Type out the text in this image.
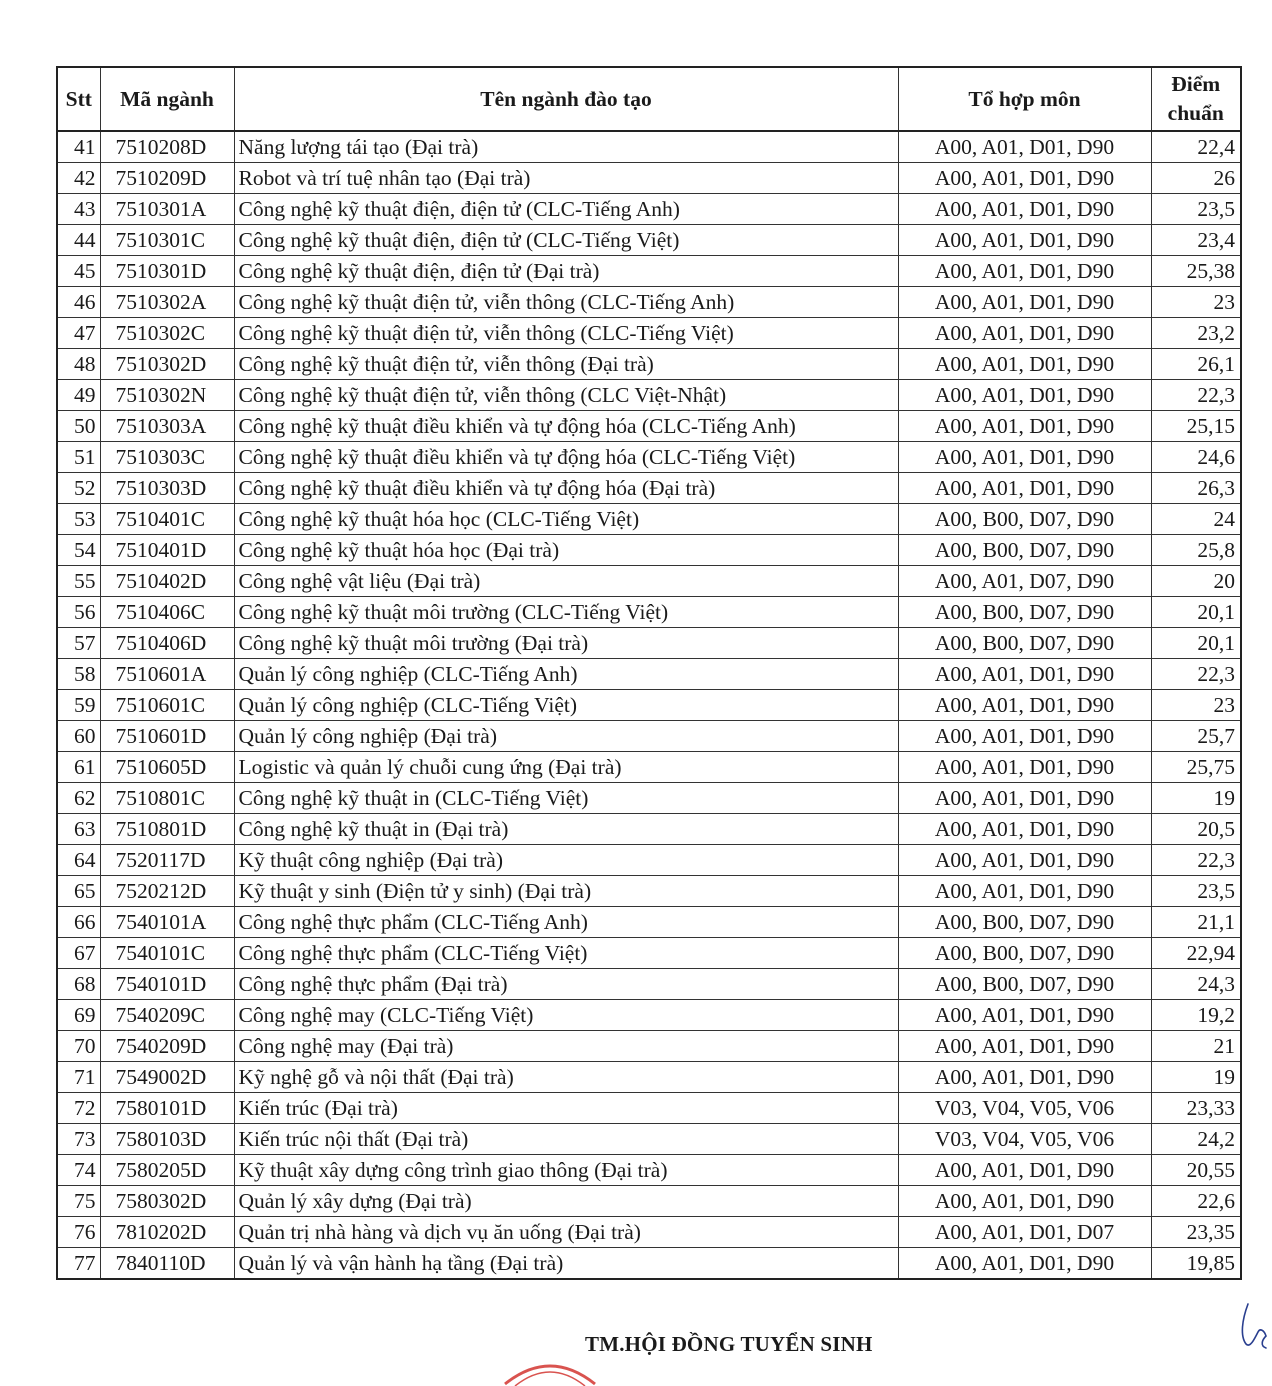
Stt	Mã ngành	Tên ngành đào tạo	Tổ hợp môn	Điểm chuẩn
41	7510208D	Năng lượng tái tạo (Đại trà)	A00, A01, D01, D90	22,4
42	7510209D	Robot và trí tuệ nhân tạo (Đại trà)	A00, A01, D01, D90	26
43	7510301A	Công nghệ kỹ thuật điện, điện tử (CLC-Tiếng Anh)	A00, A01, D01, D90	23,5
44	7510301C	Công nghệ kỹ thuật điện, điện tử (CLC-Tiếng Việt)	A00, A01, D01, D90	23,4
45	7510301D	Công nghệ kỹ thuật điện, điện tử (Đại trà)	A00, A01, D01, D90	25,38
46	7510302A	Công nghệ kỹ thuật điện tử, viễn thông (CLC-Tiếng Anh)	A00, A01, D01, D90	23
47	7510302C	Công nghệ kỹ thuật điện tử, viễn thông (CLC-Tiếng Việt)	A00, A01, D01, D90	23,2
48	7510302D	Công nghệ kỹ thuật điện tử, viễn thông (Đại trà)	A00, A01, D01, D90	26,1
49	7510302N	Công nghệ kỹ thuật điện tử, viễn thông (CLC Việt-Nhật)	A00, A01, D01, D90	22,3
50	7510303A	Công nghệ kỹ thuật điều khiển và tự động hóa (CLC-Tiếng Anh)	A00, A01, D01, D90	25,15
51	7510303C	Công nghệ kỹ thuật điều khiển và tự động hóa (CLC-Tiếng Việt)	A00, A01, D01, D90	24,6
52	7510303D	Công nghệ kỹ thuật điều khiển và tự động hóa (Đại trà)	A00, A01, D01, D90	26,3
53	7510401C	Công nghệ kỹ thuật hóa học (CLC-Tiếng Việt)	A00, B00, D07, D90	24
54	7510401D	Công nghệ kỹ thuật hóa học (Đại trà)	A00, B00, D07, D90	25,8
55	7510402D	Công nghệ vật liệu (Đại trà)	A00, A01, D07, D90	20
56	7510406C	Công nghệ kỹ thuật môi trường (CLC-Tiếng Việt)	A00, B00, D07, D90	20,1
57	7510406D	Công nghệ kỹ thuật môi trường (Đại trà)	A00, B00, D07, D90	20,1
58	7510601A	Quản lý công nghiệp (CLC-Tiếng Anh)	A00, A01, D01, D90	22,3
59	7510601C	Quản lý công nghiệp (CLC-Tiếng Việt)	A00, A01, D01, D90	23
60	7510601D	Quản lý công nghiệp (Đại trà)	A00, A01, D01, D90	25,7
61	7510605D	Logistic và quản lý chuỗi cung ứng (Đại trà)	A00, A01, D01, D90	25,75
62	7510801C	Công nghệ kỹ thuật in (CLC-Tiếng Việt)	A00, A01, D01, D90	19
63	7510801D	Công nghệ kỹ thuật in (Đại trà)	A00, A01, D01, D90	20,5
64	7520117D	Kỹ thuật công nghiệp (Đại trà)	A00, A01, D01, D90	22,3
65	7520212D	Kỹ thuật y sinh (Điện tử y sinh) (Đại trà)	A00, A01, D01, D90	23,5
66	7540101A	Công nghệ thực phẩm (CLC-Tiếng Anh)	A00, B00, D07, D90	21,1
67	7540101C	Công nghệ thực phẩm (CLC-Tiếng Việt)	A00, B00, D07, D90	22,94
68	7540101D	Công nghệ thực phẩm (Đại trà)	A00, B00, D07, D90	24,3
69	7540209C	Công nghệ may (CLC-Tiếng Việt)	A00, A01, D01, D90	19,2
70	7540209D	Công nghệ may (Đại trà)	A00, A01, D01, D90	21
71	7549002D	Kỹ nghệ gỗ và nội thất (Đại trà)	A00, A01, D01, D90	19
72	7580101D	Kiến trúc (Đại trà)	V03, V04, V05, V06	23,33
73	7580103D	Kiến trúc nội thất (Đại trà)	V03, V04, V05, V06	24,2
74	7580205D	Kỹ thuật xây dựng công trình giao thông (Đại trà)	A00, A01, D01, D90	20,55
75	7580302D	Quản lý xây dựng (Đại trà)	A00, A01, D01, D90	22,6
76	7810202D	Quản trị nhà hàng và dịch vụ ăn uống (Đại trà)	A00, A01, D01, D07	23,35
77	7840110D	Quản lý và vận hành hạ tầng (Đại trà)	A00, A01, D01, D90	19,85
TM.HỘI ĐỒNG TUYỂN SINH
